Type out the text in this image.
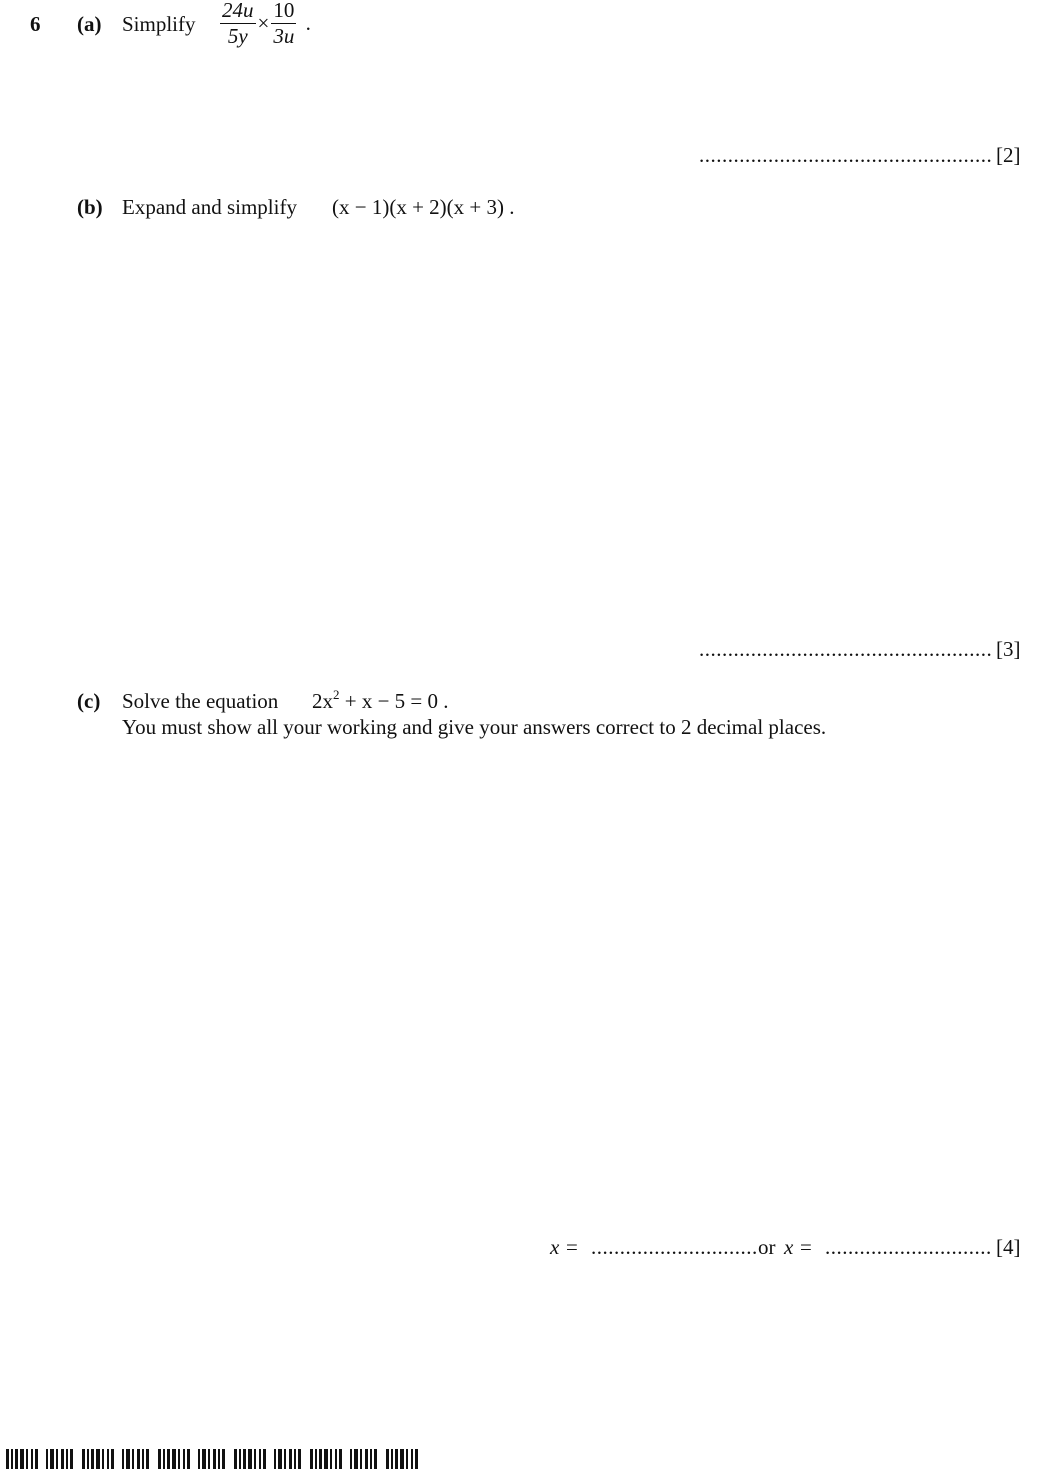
6 (a) Simplify $\frac{24u}{5y} \times \frac{10}{3u}$ .
................................................... [2]
(b) Expand and simplify (x − 1)(x + 2)(x + 3) .
................................................... [3]
(c) Solve the equation $2x^2 + x - 5 = 0$ .
You must show all your working and give your answers correct to 2 decimal places.
x = ............................. or x = ............................. [4]
